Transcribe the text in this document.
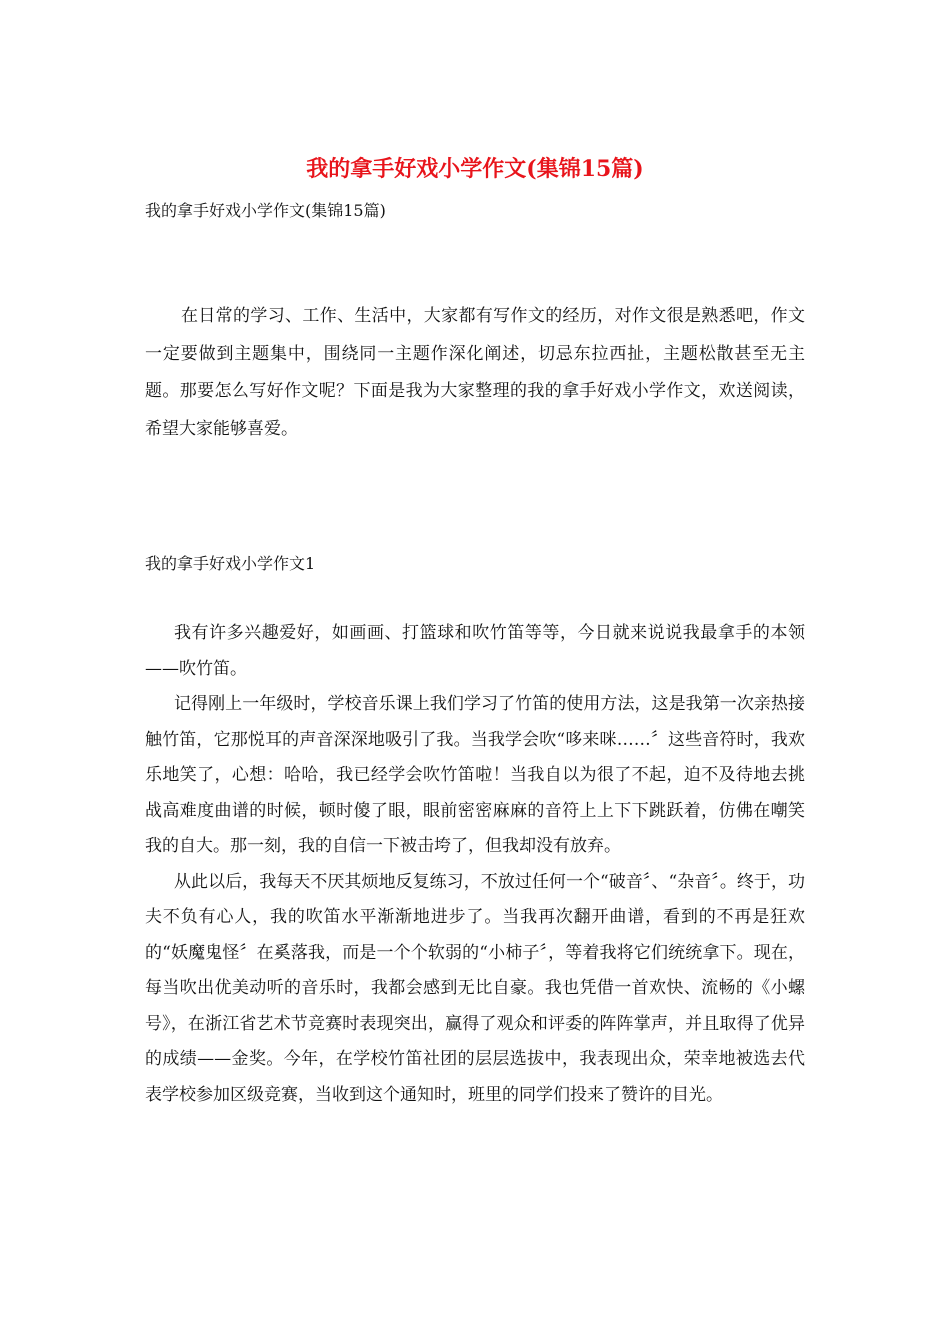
我的拿手好戏小学作文(集锦15篇)

我的拿手好戏小学作文(集锦15篇)

在日常的学习、工作、生活中，大家都有写作文的经历，对作文很是熟悉吧，作文一定要做到主题集中，围绕同一主题作深化阐述，切忌东拉西扯，主题松散甚至无主题。那要怎么写好作文呢？下面是我为大家整理的我的拿手好戏小学作文，欢送阅读，希望大家能够喜爱。

我的拿手好戏小学作文1

我有许多兴趣爱好，如画画、打篮球和吹竹笛等等，今日就来说说我最拿手的本领——吹竹笛。

记得刚上一年级时，学校音乐课上我们学习了竹笛的使用方法，这是我第一次亲热接触竹笛，它那悦耳的声音深深地吸引了我。当我学会吹“哆来咪……〞这些音符时，我欢乐地笑了，心想：哈哈，我已经学会吹竹笛啦！当我自以为很了不起，迫不及待地去挑战高难度曲谱的时候，顿时傻了眼，眼前密密麻麻的音符上上下下跳跃着，仿佛在嘲笑我的自大。那一刻，我的自信一下被击垮了，但我却没有放弃。

从此以后，我每天不厌其烦地反复练习，不放过任何一个“破音〞、“杂音〞。终于，功夫不负有心人，我的吹笛水平渐渐地进步了。当我再次翻开曲谱，看到的不再是狂欢的“妖魔鬼怪〞在奚落我，而是一个个软弱的“小柿子〞，等着我将它们统统拿下。现在，每当吹出优美动听的音乐时，我都会感到无比自豪。我也凭借一首欢快、流畅的《小螺号》，在浙江省艺术节竞赛时表现突出，赢得了观众和评委的阵阵掌声，并且取得了优异的成绩——金奖。今年，在学校竹笛社团的层层选拔中，我表现出众，荣幸地被选去代表学校参加区级竞赛，当收到这个通知时，班里的同学们投来了赞许的目光。
